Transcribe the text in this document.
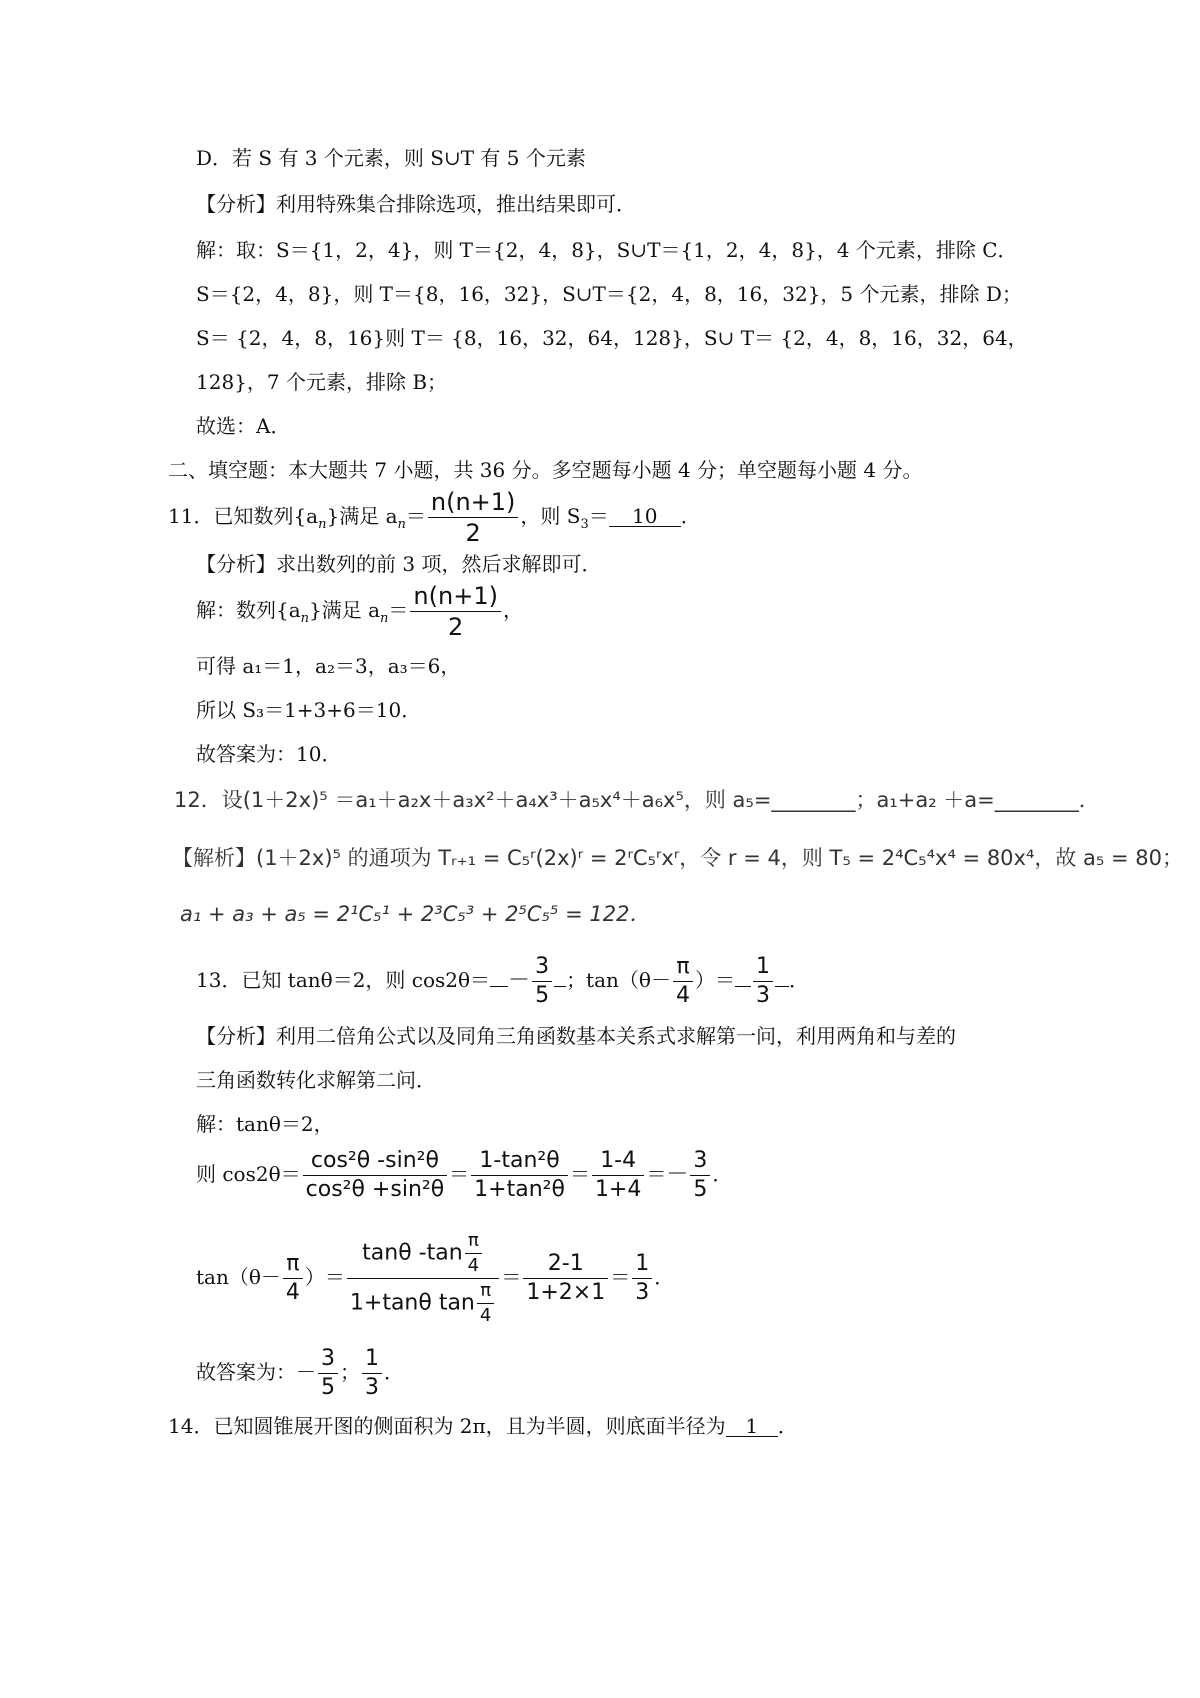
D．若 S 有 3 个元素，则 S∪T 有 5 个元素
【分析】利用特殊集合排除选项，推出结果即可．
解：取：S＝{1，2，4}，则 T＝{2，4，8}，S∪T＝{1，2，4，8}，4 个元素，排除 C．
S＝{2，4，8}，则 T＝{8，16，32}，S∪T＝{2，4，8，16，32}，5 个元素，排除 D；
S＝ {2，4，8，16}则 T＝ {8，16，32，64，128}，S∪ T＝ {2，4，8，16，32，64，
128}，7 个元素，排除 B；
故选：A．
二、填空题：本大题共 7 小题，共 36 分。多空题每小题 4 分；单空题每小题 4 分。
11．已知数列$\{a_n\}$满足 $a_n= \frac{n(n+1)}{2}$ ，则 $S_3= 10$ ．
【分析】求出数列的前 3 项，然后求解即可．
解：数列$\{a_n\}$满足 $a_n= \frac{n(n+1)}{2}$ ，
可得 a₁＝1，a₂＝3，a₃＝6，
所以 S₃＝1+3+6＝10．
故答案为：10．
12．设(1＋2x)⁵ ＝a₁＋a₂x＋a₃x²＋a₄x³＋a₅x⁴＋a₆x⁵，则 a₅=________；a₁+a₂ ＋a=________．
【解析】(1＋2x)⁵ 的通项为 Tᵣ₊₁ = C₅ʳ(2x)ʳ = 2ʳC₅ʳxʳ，令 r = 4，则 T₅ = 2⁴C₅⁴x⁴ = 80x⁴，故 a₅ = 80；
a₁ + a₃ + a₅ = 2¹C₅¹ + 2³C₅³ + 2⁵C₅⁵ = 122．
13．已知 tanθ＝2，则 $\cos 2\theta= - \frac{3}{5}$ ；$\tan(\theta- \frac{\pi}{4}$ ）＝ $\frac{1}{3}$ ．
【分析】利用二倍角公式以及同角三角函数基本关系式求解第一问，利用两角和与差的
三角函数转化求解第二问．
解：tanθ＝2，
则 $\cos 2\theta= \frac{\text{cos²θ -sin²θ}}{\text{cos²θ +sin²θ}} = \frac{\text{1-tan²θ}}{\text{1+tan²θ}} = \frac{1-4}{1+4} =- \frac{3}{5}$ ．
$\tan(\theta- \frac{\pi}{4}$ ）＝ $\frac{\tan\theta -\tan \frac{\pi}{4}}{1+\tan\theta \tan \frac{\pi}{4}} = \frac{2-1}{1+2\times 1} = \frac{1}{3}$ ．
故答案为：－ $\frac{3}{5}$ ； $\frac{1}{3}$ ．
14．已知圆锥展开图的侧面积为 2π，且为半圆，则底面半径为 1 ．
